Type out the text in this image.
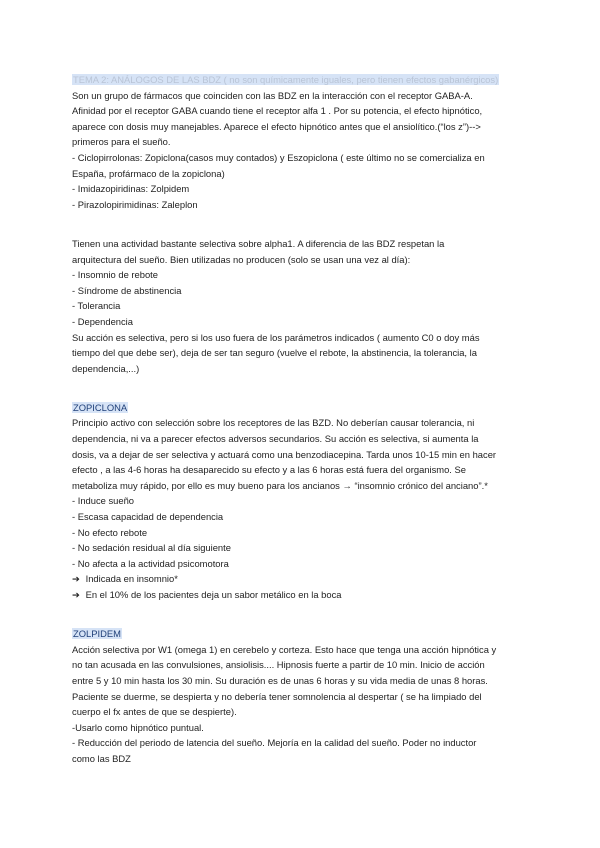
TEMA 2: ANÁLOGOS DE LAS BDZ ( no son químicamente iguales, pero tienen efectos gabanérgicos)
Son un grupo de fármacos que coinciden con las BDZ en la interacción con el receptor GABA-A.
Afinidad por el receptor GABA cuando tiene el receptor alfa 1 . Por su potencia, el efecto hipnótico,
aparece con dosis muy manejables. Aparece el efecto hipnótico antes que el ansiolítico.(“los z”)-->
primeros para el sueño.
- Ciclopirrolonas: Zopiclona(casos muy contados) y Eszopiclona ( este último no se comercializa en
España, profármaco de la zopiclona)
- Imidazopiridinas: Zolpidem
- Pirazolopirimidinas: Zaleplon
Tienen una actividad bastante selectiva sobre alpha1. A diferencia de las BDZ respetan la
arquitectura del sueño. Bien utilizadas no producen (solo se usan una vez al día):
- Insomnio de rebote
- Síndrome de abstinencia
- Tolerancia
- Dependencia
Su acción es selectiva, pero si los uso fuera de los parámetros indicados ( aumento C0 o doy más
tiempo del que debe ser), deja de ser tan seguro (vuelve el rebote, la abstinencia, la tolerancia, la
dependencia,...)
ZOPICLONA
Principio activo con selección sobre los receptores de las BZD. No deberían causar tolerancia, ni
dependencia, ni va a parecer efectos adversos secundarios. Su acción es selectiva, si aumenta la
dosis, va a dejar de ser selectiva y actuará como una benzodiacepina. Tarda unos 10-15 min en hacer
efecto , a las 4-6 horas ha desaparecido su efecto y a las 6 horas está fuera del organismo. Se
metaboliza muy rápido, por ello es muy bueno para los ancianos → “insomnio crónico del anciano”.*
- Induce sueño
- Escasa capacidad de dependencia
- No efecto rebote
- No sedación residual al día siguiente
- No afecta a la actividad psicomotora
➔ Indicada en insomnio*
➔ En el 10% de los pacientes deja un sabor metálico en la boca
ZOLPIDEM
Acción selectiva por W1 (omega 1) en cerebelo y corteza. Esto hace que tenga una acción hipnótica y
no tan acusada en las convulsiones, ansiolisis.... Hipnosis fuerte a partir de 10 min. Inicio de acción
entre 5 y 10 min hasta los 30 min. Su duración es de unas 6 horas y su vida media de unas 8 horas.
Paciente se duerme, se despierta y no debería tener somnolencia al despertar ( se ha limpiado del
cuerpo el fx antes de que se despierte).
-Usarlo como hipnótico puntual.
- Reducción del periodo de latencia del sueño. Mejoría en la calidad del sueño. Poder no inductor
como las BDZ
